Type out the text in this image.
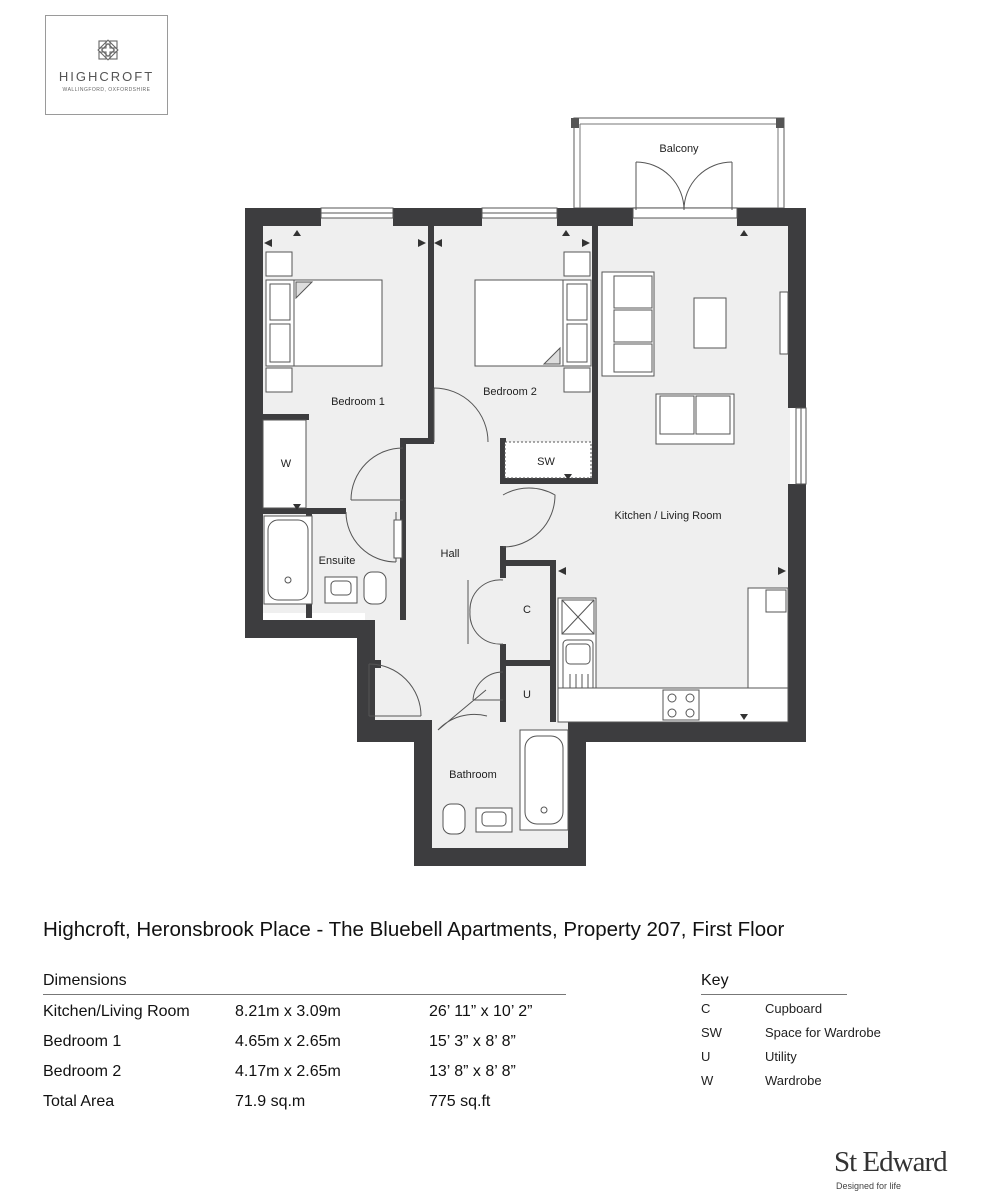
HIGHCROFT
WALLINGFORD, OXFORDSHIRE
Balcony
Bedroom 1
Bedroom 2
SW
W
Ensuite
Hall
Kitchen / Living Room
C
U
Bathroom
Highcroft, Heronsbrook Place - The Bluebell Apartments, Property 207, First Floor
Dimensions
Kitchen/Living Room	8.21m x 3.09m	26’ 11” x 10’ 2”
Bedroom 1	4.65m x 2.65m	15’ 3” x 8’ 8”
Bedroom 2	4.17m x 2.65m	13’ 8” x 8’ 8”
Total Area	71.9 sq.m	775 sq.ft
Key
C	Cupboard
SW	Space for Wardrobe
U	Utility
W	Wardrobe
St Edward
Designed for life
